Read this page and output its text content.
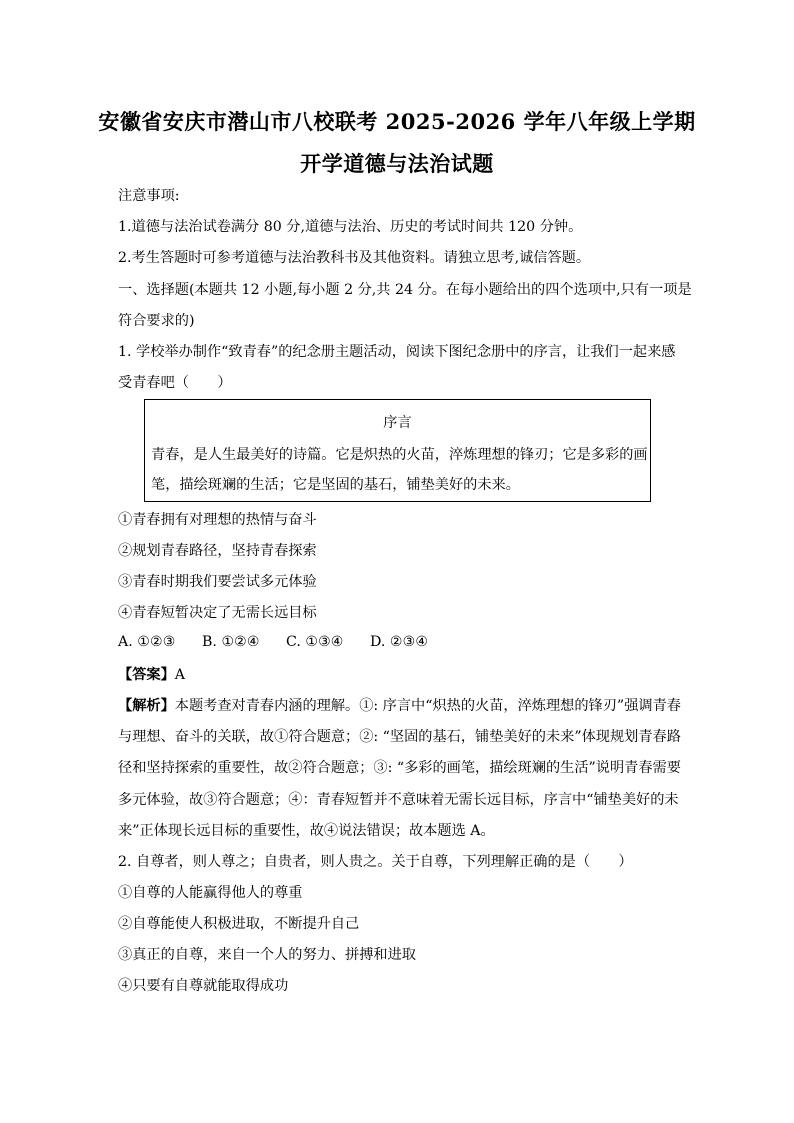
安徽省安庆市潜山市八校联考 2025-2026 学年八年级上学期
开学道德与法治试题
注意事项:
1.道德与法治试卷满分 80 分,道德与法治、历史的考试时间共 120 分钟。
2.考生答题时可参考道德与法治教科书及其他资料。请独立思考,诚信答题。
一、选择题(本题共 12 小题,每小题 2 分,共 24 分。在每小题给出的四个选项中,只有一项是
符合要求的)
1. 学校举办制作“致青春”的纪念册主题活动，阅读下图纪念册中的序言，让我们一起来感
受青春吧（　　）
序言
青春，是人生最美好的诗篇。它是炽热的火苗，淬炼理想的锋刃；它是多彩的画
笔，描绘斑斓的生活；它是坚固的基石，铺垫美好的未来。
①青春拥有对理想的热情与奋斗
②规划青春路径，坚持青春探索
③青春时期我们要尝试多元体验
④青春短暂决定了无需长远目标
A. ①②③ B. ①②④ C. ①③④ D. ②③④
【答案】A
【解析】本题考查对青春内涵的理解。①: 序言中“炽热的火苗，淬炼理想的锋刃”强调青春
与理想、奋斗的关联，故①符合题意；②: “坚固的基石，铺垫美好的未来”体现规划青春路
径和坚持探索的重要性，故②符合题意；③: “多彩的画笔，描绘斑斓的生活”说明青春需要
多元体验，故③符合题意；④：青春短暂并不意味着无需长远目标，序言中“铺垫美好的未
来”正体现长远目标的重要性，故④说法错误；故本题选 A。
2. 自尊者，则人尊之；自贵者，则人贵之。关于自尊，下列理解正确的是（　　）
①自尊的人能赢得他人的尊重
②自尊能使人积极进取，不断提升自己
③真正的自尊，来自一个人的努力、拼搏和进取
④只要有自尊就能取得成功
